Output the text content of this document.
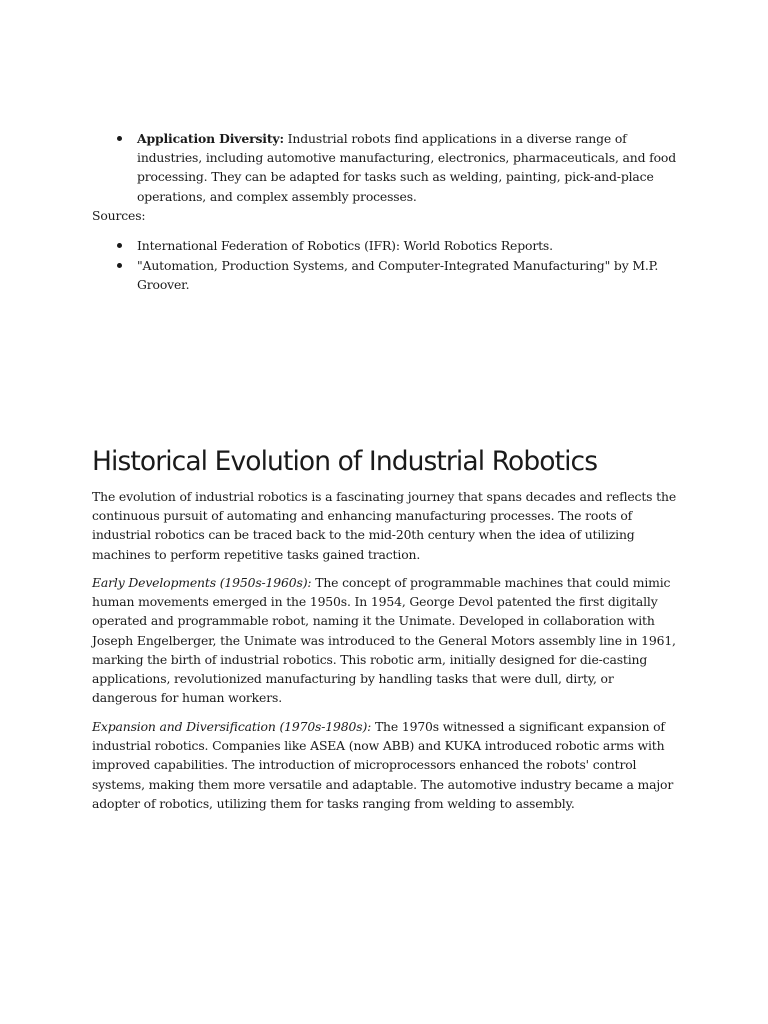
Application Diversity: Industrial robots find applications in a diverse range of industries, including automotive manufacturing, electronics, pharmaceuticals, and food processing. They can be adapted for tasks such as welding, painting, pick-and-place operations, and complex assembly processes.
Sources:
International Federation of Robotics (IFR): World Robotics Reports.
"Automation, Production Systems, and Computer-Integrated Manufacturing" by M.P. Groover.
Historical Evolution of Industrial Robotics

The evolution of industrial robotics is a fascinating journey that spans decades and reflects the continuous pursuit of automating and enhancing manufacturing processes. The roots of industrial robotics can be traced back to the mid-20th century when the idea of utilizing machines to perform repetitive tasks gained traction.

Early Developments (1950s-1960s): The concept of programmable machines that could mimic human movements emerged in the 1950s. In 1954, George Devol patented the first digitally operated and programmable robot, naming it the Unimate. Developed in collaboration with Joseph Engelberger, the Unimate was introduced to the General Motors assembly line in 1961, marking the birth of industrial robotics. This robotic arm, initially designed for die-casting applications, revolutionized manufacturing by handling tasks that were dull, dirty, or dangerous for human workers.

Expansion and Diversification (1970s-1980s): The 1970s witnessed a significant expansion of industrial robotics. Companies like ASEA (now ABB) and KUKA introduced robotic arms with improved capabilities. The introduction of microprocessors enhanced the robots' control systems, making them more versatile and adaptable. The automotive industry became a major adopter of robotics, utilizing them for tasks ranging from welding to assembly.
